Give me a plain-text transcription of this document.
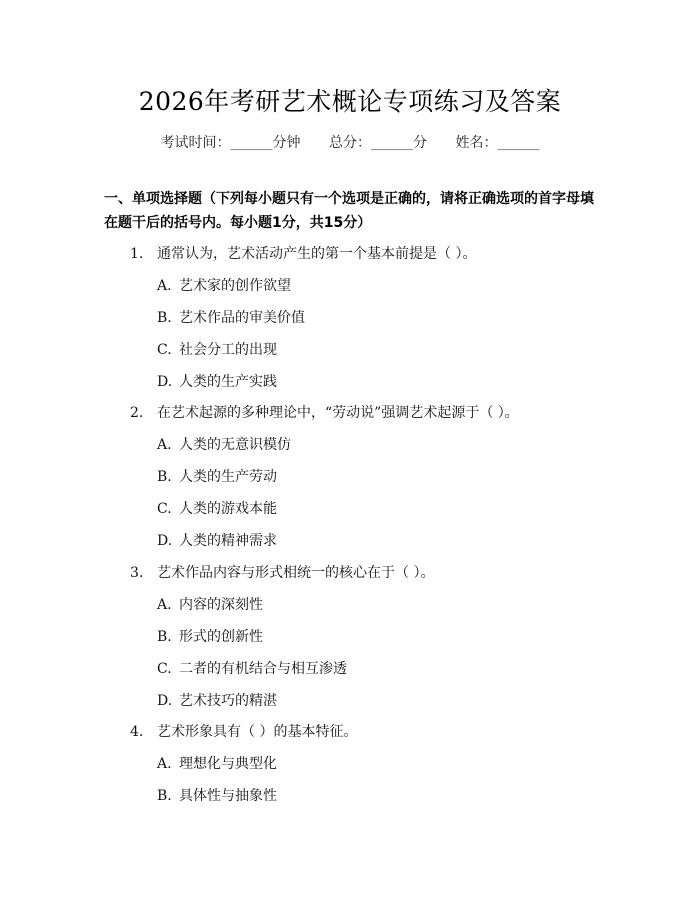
2026年考研艺术概论专项练习及答案
考试时间：______分钟 总分：______分 姓名：______
一、单项选择题（下列每小题只有一个选项是正确的，请将正确选项的首字母填在题干后的括号内。每小题1分，共15分）
1. 通常认为，艺术活动产生的第一个基本前提是（ ）。
A. 艺术家的创作欲望
B. 艺术作品的审美价值
C. 社会分工的出现
D. 人类的生产实践
2. 在艺术起源的多种理论中，“劳动说”强调艺术起源于（ ）。
A. 人类的无意识模仿
B. 人类的生产劳动
C. 人类的游戏本能
D. 人类的精神需求
3. 艺术作品内容与形式相统一的核心在于（ ）。
A. 内容的深刻性
B. 形式的创新性
C. 二者的有机结合与相互渗透
D. 艺术技巧的精湛
4. 艺术形象具有（ ）的基本特征。
A. 理想化与典型化
B. 具体性与抽象性
